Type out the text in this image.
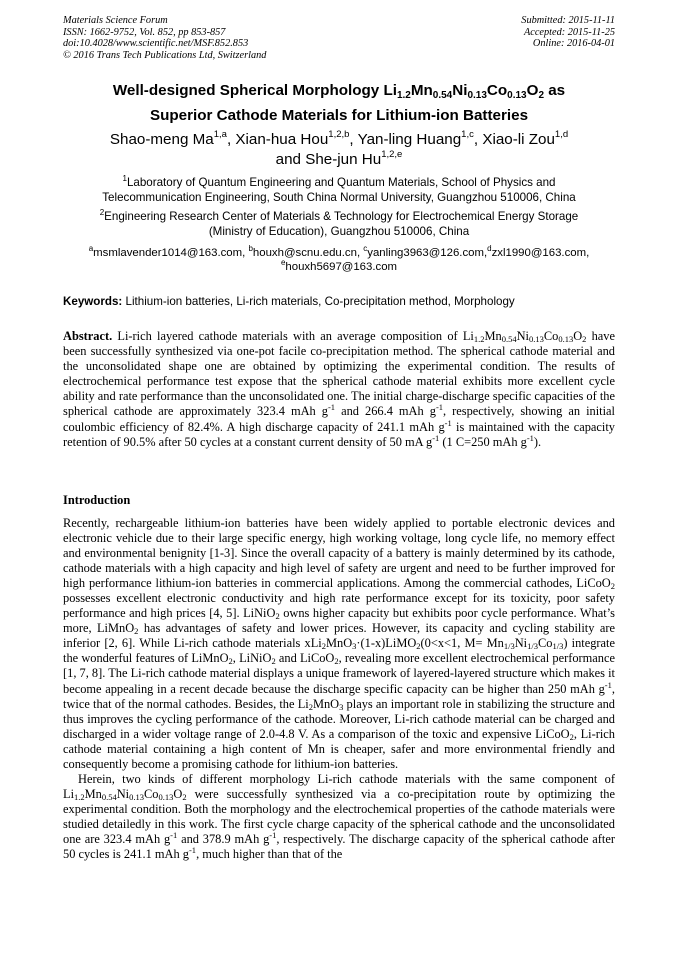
Materials Science Forum
ISSN: 1662-9752, Vol. 852, pp 853-857
doi:10.4028/www.scientific.net/MSF.852.853
© 2016 Trans Tech Publications Ltd, Switzerland
Submitted: 2015-11-11
Accepted: 2015-11-25
Online: 2016-04-01
Well-designed Spherical Morphology $Li_{1.2}Mn_{0.54}Ni_{0.13}Co_{0.13}O_2$ as
Superior Cathode Materials for Lithium-ion Batteries
Shao-meng Ma$^{1,a}$, Xian-hua Hou$^{1,2,b}$, Yan-ling Huang$^{1,c}$, Xiao-li Zou$^{1,d}$
and She-jun Hu$^{1,2,e}$
$^1$Laboratory of Quantum Engineering and Quantum Materials, School of Physics and
Telecommunication Engineering, South China Normal University, Guangzhou 510006, China
$^2$Engineering Research Center of Materials & Technology for Electrochemical Energy Storage
(Ministry of Education), Guangzhou 510006, China
$^a$msmlavender1014@163.com, $^b$houxh@scnu.edu.cn, $^c$yanling3963@126.com,$^d$zxl1990@163.com,
$^e$houxh5697@163.com
Keywords: Lithium-ion batteries, Li-rich materials, Co-precipitation method, Morphology

Abstract. Li-rich layered cathode materials with an average composition of $Li_{1.2}Mn_{0.54}Ni_{0.13}Co_{0.13}O_2$ have been successfully synthesized via one-pot facile co-precipitation method. The spherical cathode material and the unconsolidated shape one are obtained by optimizing the experimental condition. The results of electrochemical performance test expose that the spherical cathode material exhibits more excellent cycle ability and rate performance than the unconsolidated one. The initial charge-discharge specific capacities of the spherical cathode are approximately 323.4 mAh $g^{-1}$ and 266.4 mAh $g^{-1}$, respectively, showing an initial coulombic efficiency of 82.4%. A high discharge capacity of 241.1 mAh $g^{-1}$ is maintained with the capacity retention of 90.5% after 50 cycles at a constant current density of 50 mA $g^{-1}$ (1 C=250 mAh $g^{-1}$).

Introduction

Recently, rechargeable lithium-ion batteries have been widely applied to portable electronic devices and electronic vehicle due to their large specific energy, high working voltage, long cycle life, no memory effect and environmental benignity [1-3]. Since the overall capacity of a battery is mainly determined by its cathode, cathode materials with a high capacity and high level of safety are urgent and need to be further improved for high performance lithium-ion batteries in commercial applications. Among the commercial cathodes, LiCoO$_2$ possesses excellent electronic conductivity and high rate performance except for its toxicity, poor safety performance and high prices [4, 5]. LiNiO$_2$ owns higher capacity but exhibits poor cycle performance. What’s more, LiMnO$_2$ has advantages of safety and lower prices. However, its capacity and cycling stability are inferior [2, 6]. While Li-rich cathode materials xLi$_2$MnO$_3$·(1-x)LiMO$_2$(0<x<1, $M= Mn_{1/3}Ni_{1/3}Co_{1/3}$) integrate the wonderful features of LiMnO$_2$, LiNiO$_2$ and LiCoO$_2$, revealing more excellent electrochemical performance [1, 7, 8]. The Li-rich cathode material displays a unique framework of layered-layered structure which makes it become appealing in a recent decade because the discharge specific capacity can be higher than 250 mAh $g^{-1}$, twice that of the normal cathodes. Besides, the $Li_2MnO_3$ plays an important role in stabilizing the structure and thus improves the cycling performance of the cathode. Moreover, Li-rich cathode material can be charged and discharged in a wider voltage range of 2.0-4.8 V. As a comparison of the toxic and expensive LiCoO$_2$, Li-rich cathode material containing a high content of Mn is cheaper, safer and more environmental friendly and consequently become a promising cathode for lithium-ion batteries.

Herein, two kinds of different morphology Li-rich cathode materials with the same component of $Li_{1.2}Mn_{0.54}Ni_{0.13}Co_{0.13}O_2$ were successfully synthesized via a co-precipitation route by optimizing the experimental condition. Both the morphology and the electrochemical properties of the cathode materials were studied detailedly in this work. The first cycle charge capacity of the spherical cathode and the unconsolidated one are 323.4 mAh $g^{-1}$ and 378.9 mAh $g^{-1}$, respectively. The discharge capacity of the spherical cathode after 50 cycles is 241.1 mAh $g^{-1}$, much higher than that of the
